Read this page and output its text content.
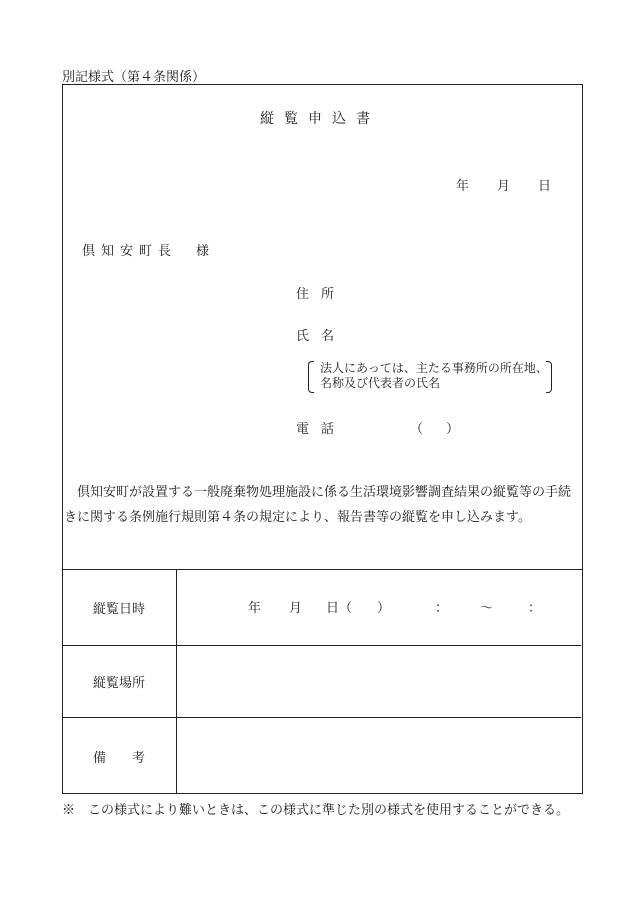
別記様式（第４条関係）
縦覧申込書
年 月 日
倶知安町長　様
住所
氏名
法人にあっては、主たる事務所の所在地、
名称及び代表者の氏名
電話	（ ）

倶知安町が設置する一般廃棄物処理施設に係る生活環境影響調査結果の縦覧等の手続きに関する条例施行規則第４条の規定により、報告書等の縦覧を申し込みます。

縦覧日時	年 月 日（ ）	： ～	：
縦覧場所
備　　考
※　この様式により難いときは、この様式に準じた別の様式を使用することができる。
